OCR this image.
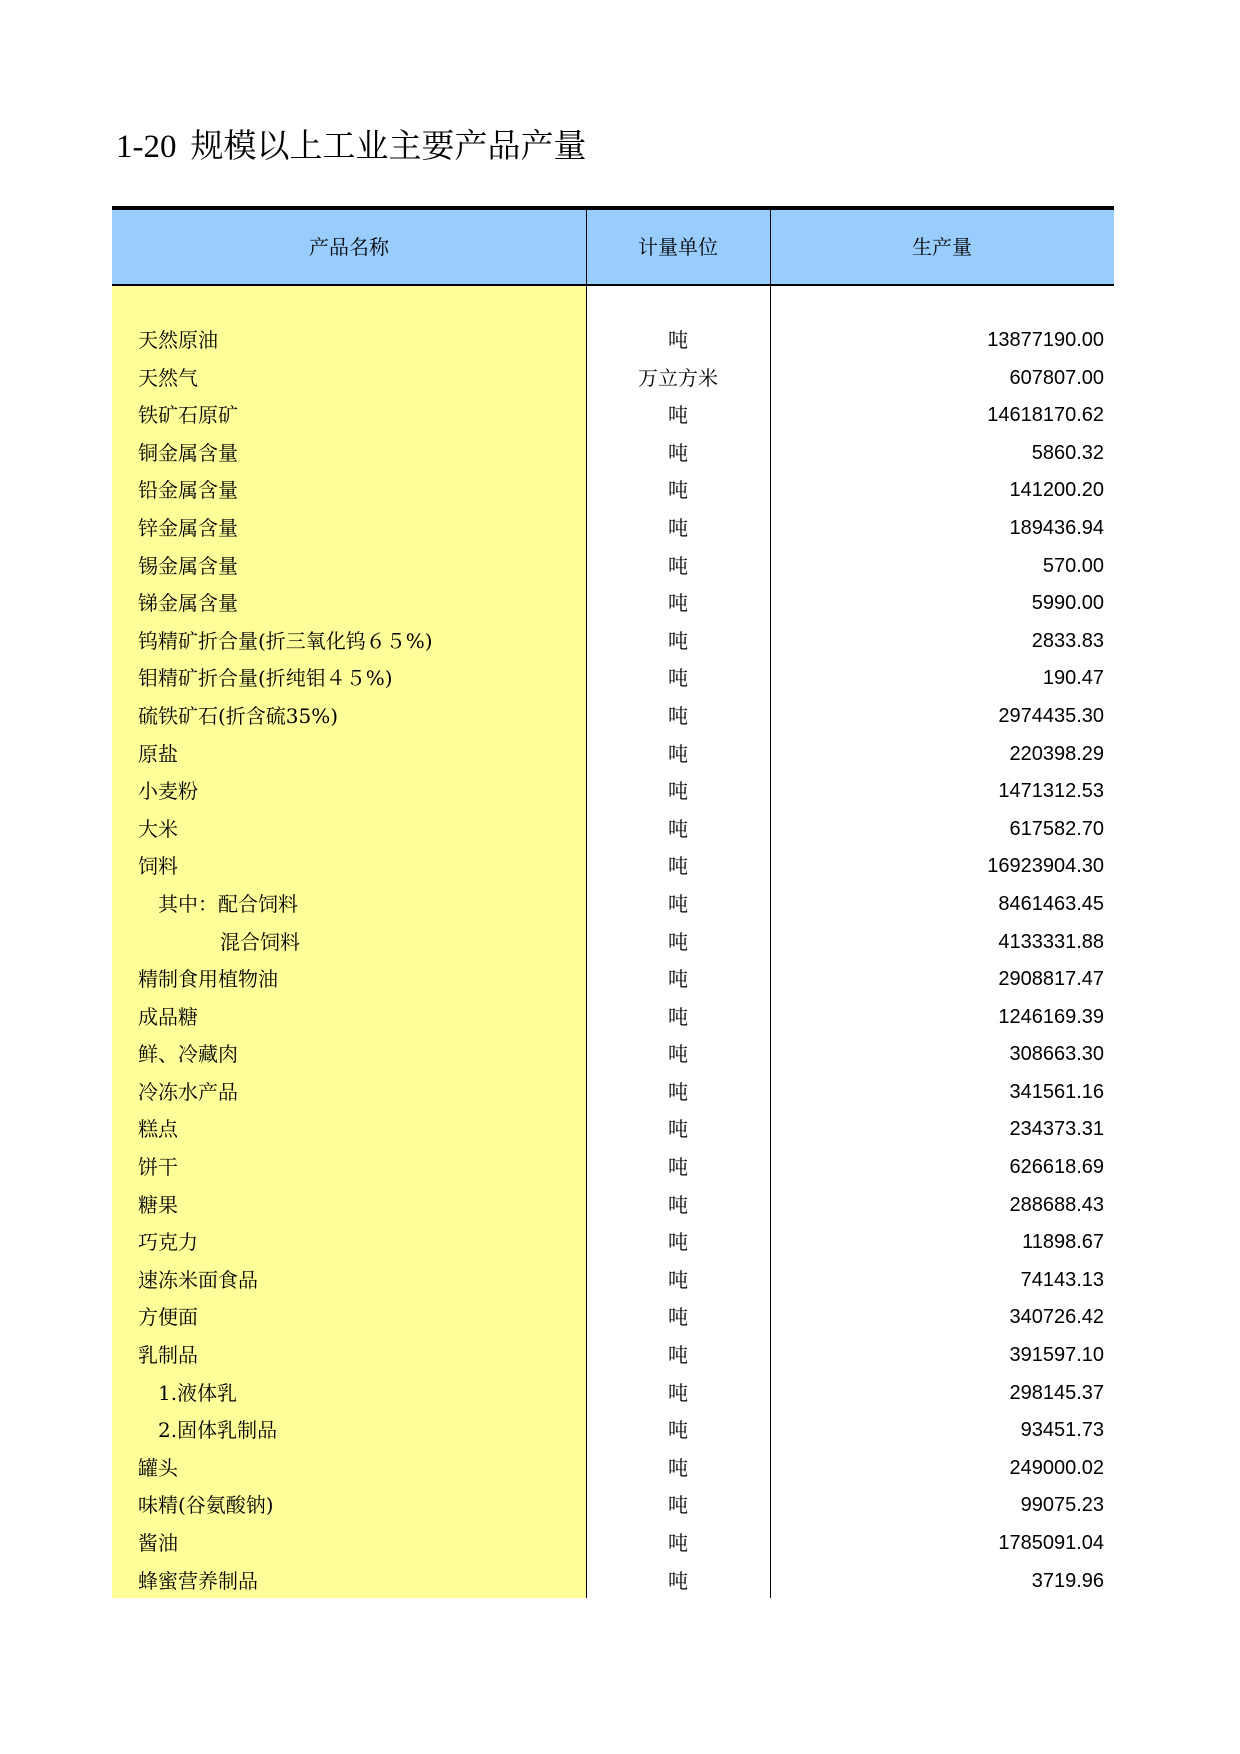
1-20 规模以上工业主要产品产量
产品名称	计量单位	生产量
天然原油	吨	13877190.00
天然气	万立方米	607807.00
铁矿石原矿	吨	14618170.62
铜金属含量	吨	5860.32
铅金属含量	吨	141200.20
锌金属含量	吨	189436.94
锡金属含量	吨	570.00
锑金属含量	吨	5990.00
钨精矿折合量(折三氧化钨６５%)	吨	2833.83
钼精矿折合量(折纯钼４５%)	吨	190.47
硫铁矿石(折含硫35%)	吨	2974435.30
原盐	吨	220398.29
小麦粉	吨	1471312.53
大米	吨	617582.70
饲料	吨	16923904.30
其中：配合饲料	吨	8461463.45
混合饲料	吨	4133331.88
精制食用植物油	吨	2908817.47
成品糖	吨	1246169.39
鲜、冷藏肉	吨	308663.30
冷冻水产品	吨	341561.16
糕点	吨	234373.31
饼干	吨	626618.69
糖果	吨	288688.43
巧克力	吨	11898.67
速冻米面食品	吨	74143.13
方便面	吨	340726.42
乳制品	吨	391597.10
1.液体乳	吨	298145.37
2.固体乳制品	吨	93451.73
罐头	吨	249000.02
味精(谷氨酸钠)	吨	99075.23
酱油	吨	1785091.04
蜂蜜营养制品	吨	3719.96
